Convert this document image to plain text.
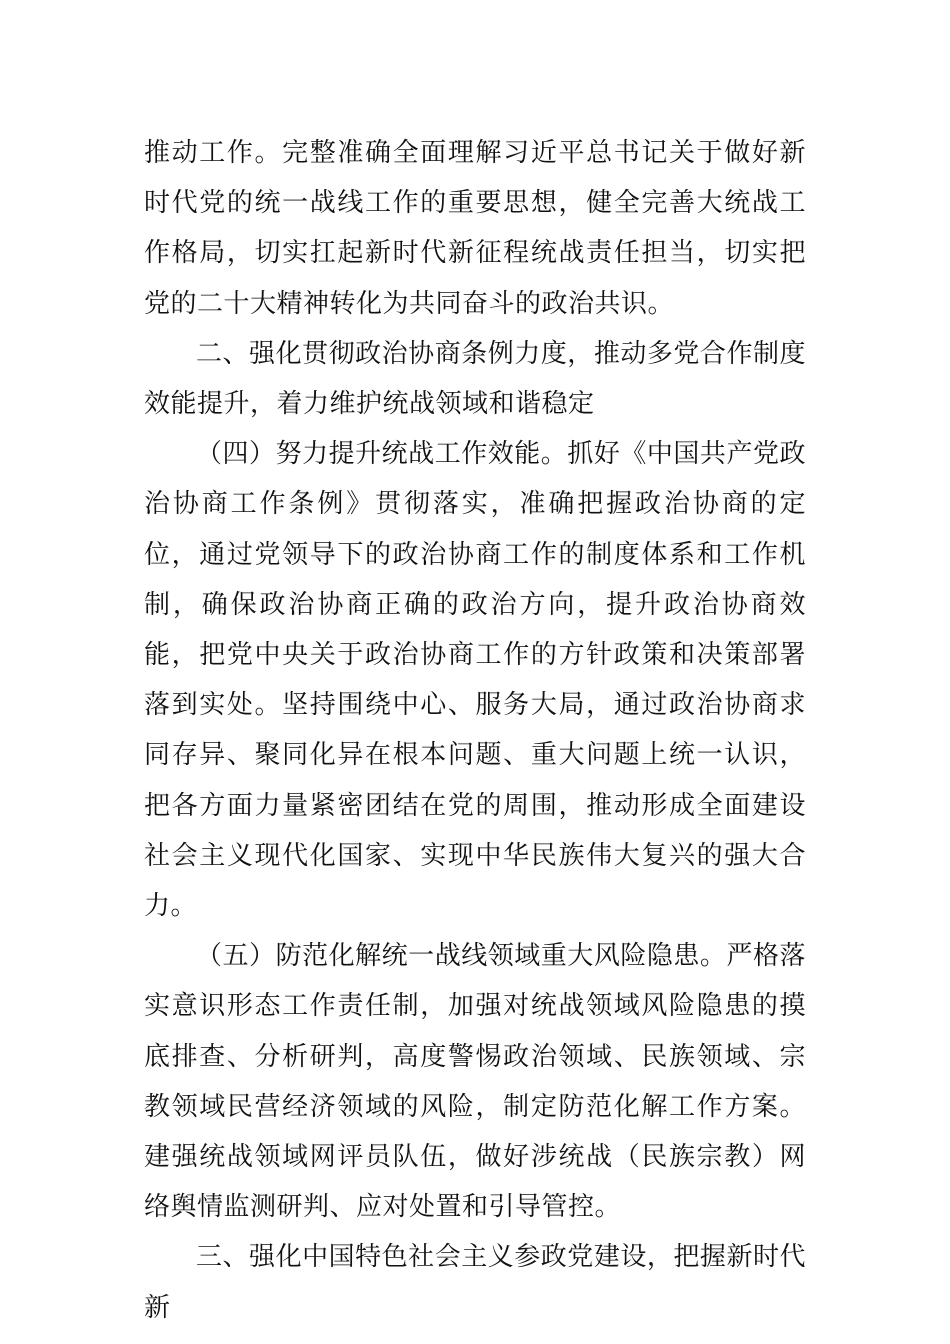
推动工作。完整准确全面理解习近平总书记关于做好新时代党的统一战线工作的重要思想，健全完善大统战工作格局，切实扛起新时代新征程统战责任担当，切实把党的二十大精神转化为共同奋斗的政治共识。

二、强化贯彻政治协商条例力度，推动多党合作制度效能提升，着力维护统战领域和谐稳定

（四）努力提升统战工作效能。抓好《中国共产党政治协商工作条例》贯彻落实，准确把握政治协商的定位，通过党领导下的政治协商工作的制度体系和工作机制，确保政治协商正确的政治方向，提升政治协商效能，把党中央关于政治协商工作的方针政策和决策部署落到实处。坚持围绕中心、服务大局，通过政治协商求同存异、聚同化异在根本问题、重大问题上统一认识，把各方面力量紧密团结在党的周围，推动形成全面建设社会主义现代化国家、实现中华民族伟大复兴的强大合力。

（五）防范化解统一战线领域重大风险隐患。严格落实意识形态工作责任制，加强对统战领域风险隐患的摸底排查、分析研判，高度警惕政治领域、民族领域、宗教领域民营经济领域的风险，制定防范化解工作方案。建强统战领域网评员队伍，做好涉统战（民族宗教）网络舆情监测研判、应对处置和引导管控。

三、强化中国特色社会主义参政党建设，把握新时代新
